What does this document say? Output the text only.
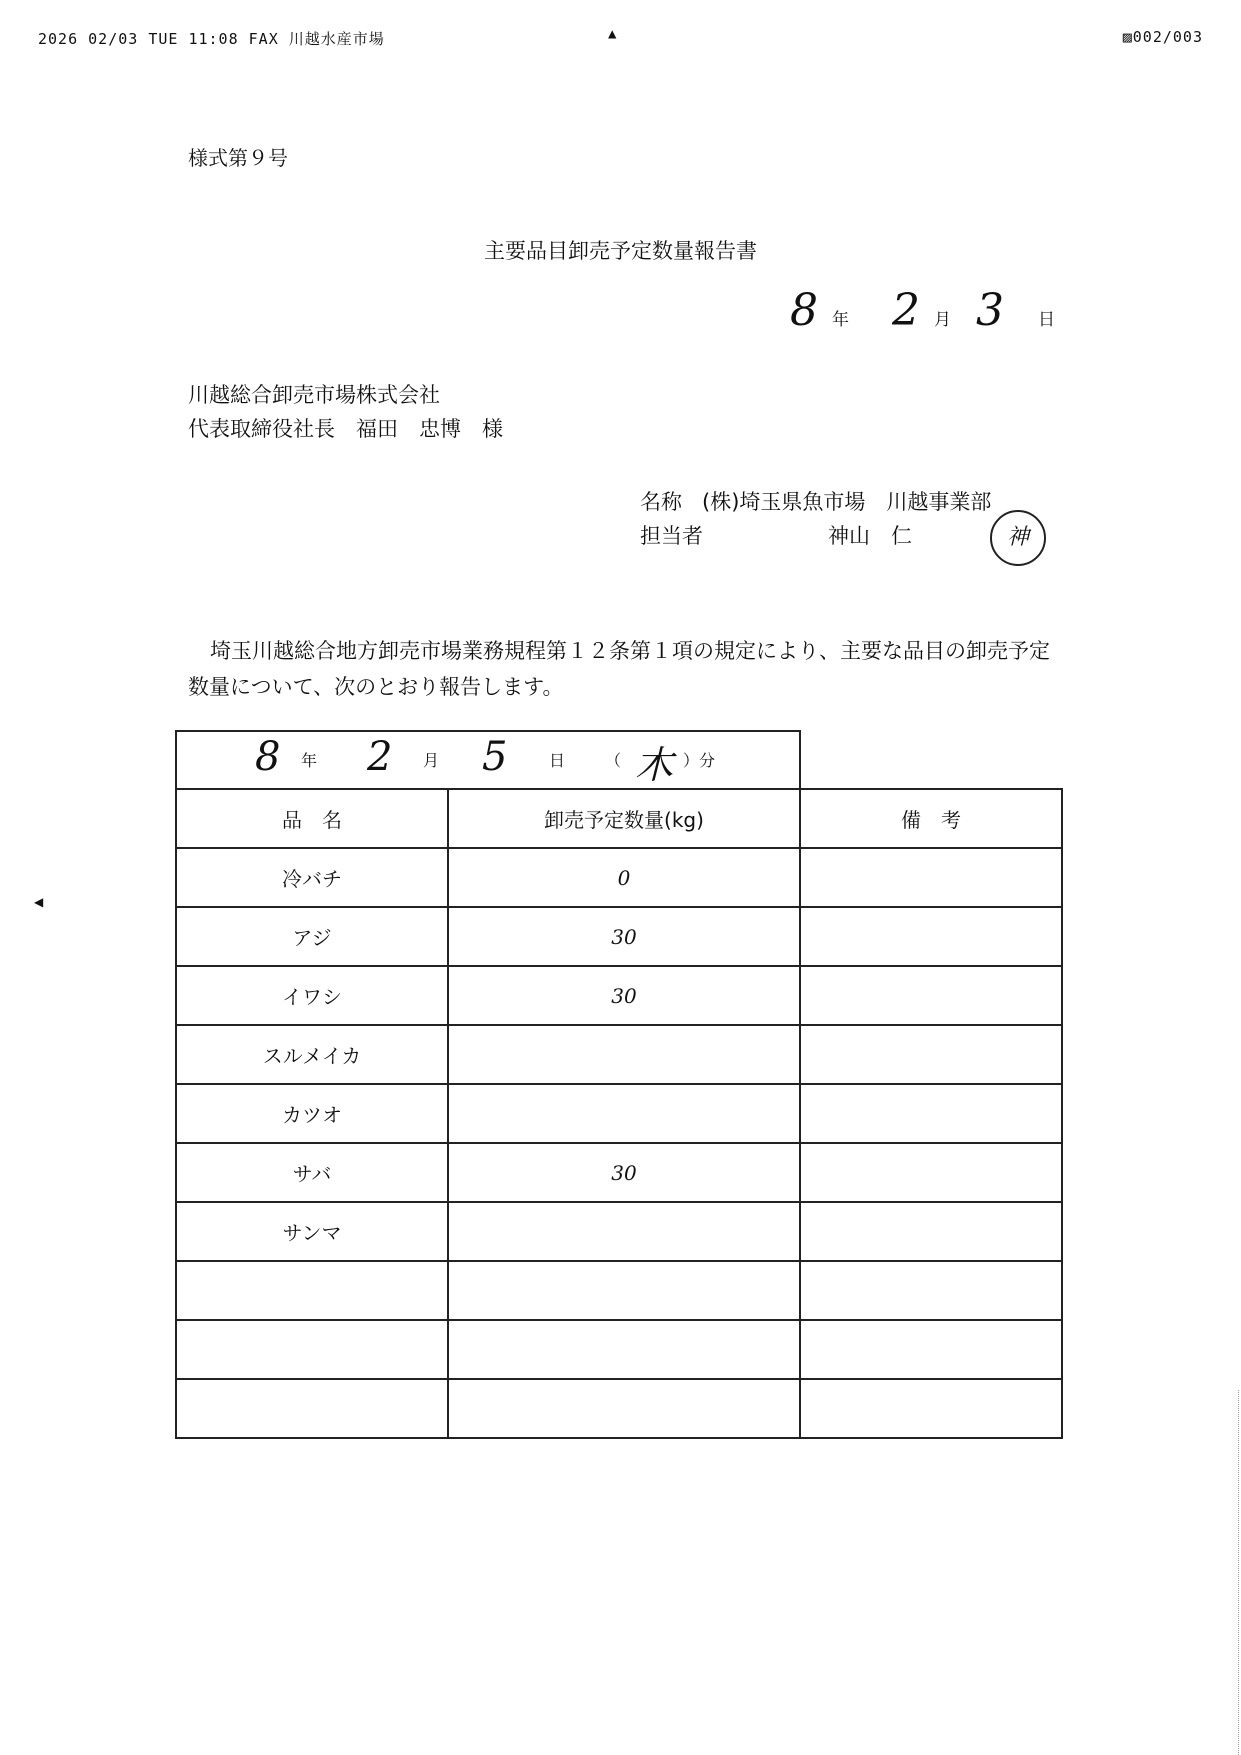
2026 02/03 TUE 11:08 FAX 川越水産市場	▲	▨002/003
様式第９号
主要品目卸売予定数量報告書
8 年 2 月 3 日
川越総合卸売市場株式会社
代表取締役社長　福田　忠博　様
名称 (株)埼玉県魚市場　川越事業部
担当者	神山　仁	神
埼玉川越総合地方卸売市場業務規程第１２条第１項の規定により、主要な品目の卸売予定数量について、次のとおり報告します。
◀
8 年 2 月 5	日 （ 木 ）分
品　名	卸売予定数量(kg)	備　考
冷バチ	0	
アジ	30	
イワシ	30	
スルメイカ		
カツオ		
サバ	30	
サンマ		
